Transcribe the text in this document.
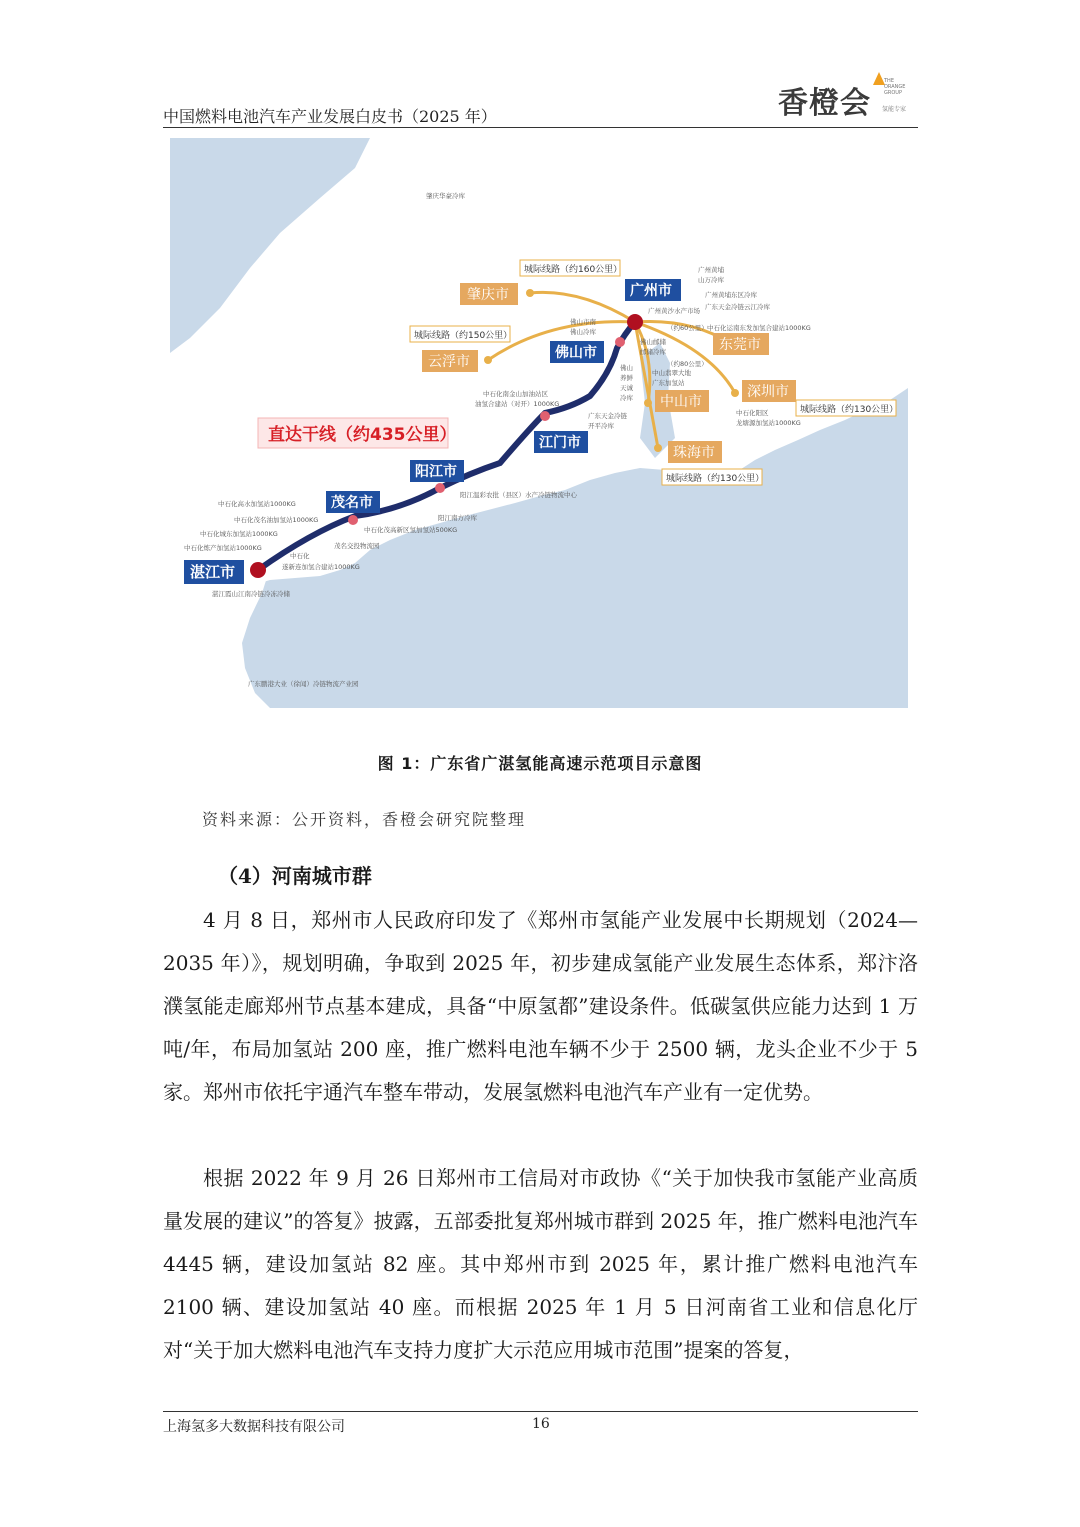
中国燃料电池汽车产业发展白皮书（2025 年）	香橙会
THE ORANGE GROUP
氢能专家
直达干线（约435公里）
广州市
佛山市
江门市
阳江市
茂名市
湛江市
肇庆市
云浮市
东莞市
中山市
深圳市
珠海市
城际线路（约160公里）
城际线路（约150公里）
城际线路（约130公里）
城际线路（约130公里）
肇庆华豪冷库
广州黄埔
山万冷库
广州黄埔东区冷库
广东天金冷链云江冷库
中石化运南东发加氢合建站1000KG
广州黄沙水产市场
（约60公里）
（约80公里）
佛山市南
佛山冷库
佛山邮储
邮储冷库
佛山
养鲜
天诚
冷库
中山翡翠大地
广东加氢站
中石化阳区
龙塘源加氢站1000KG
中石化南金山加油站区
油氢合建站（对开）1000KG
广东天金冷链
开平冷库
阳江温彩农批（县区）水产冷链物流中心
阳江南方冷库
中石化高水加氢站1000KG
中石化茂名油加氢站1000KG
中石化茂高新区氢加氢站500KG
中石化城东加氢站1000KG
茂名交投物流园
中石化炼产加氢站1000KG
中石化
遂新连加氢合建站1000KG
湛江霞山江南冷链冷冻冷储
广东鹏港大业（徐闻）冷链物流产业园
图 1：广东省广湛氢能高速示范项目示意图
资料来源：公开资料，香橙会研究院整理
（4）河南城市群

4 月 8 日，郑州市人民政府印发了《郑州市氢能产业发展中长期规划（2024—2035 年）》，规划明确，争取到 2025 年，初步建成氢能产业发展生态体系，郑汴洛濮氢能走廊郑州节点基本建成，具备“中原氢都”建设条件。低碳氢供应能力达到 1 万吨/年，布局加氢站 200 座，推广燃料电池车辆不少于 2500 辆，龙头企业不少于 5 家。郑州市依托宇通汽车整车带动，发展氢燃料电池汽车产业有一定优势。

根据 2022 年 9 月 26 日郑州市工信局对市政协《“关于加快我市氢能产业高质量发展的建议”的答复》披露，五部委批复郑州城市群到 2025 年，推广燃料电池汽车 4445 辆，建设加氢站 82 座。其中郑州市到 2025 年，累计推广燃料电池汽车 2100 辆、建设加氢站 40 座。而根据 2025 年 1 月 5 日河南省工业和信息化厅对“关于加大燃料电池汽车支持力度扩大示范应用城市范围”提案的答复，

上海氢多大数据科技有限公司	16
